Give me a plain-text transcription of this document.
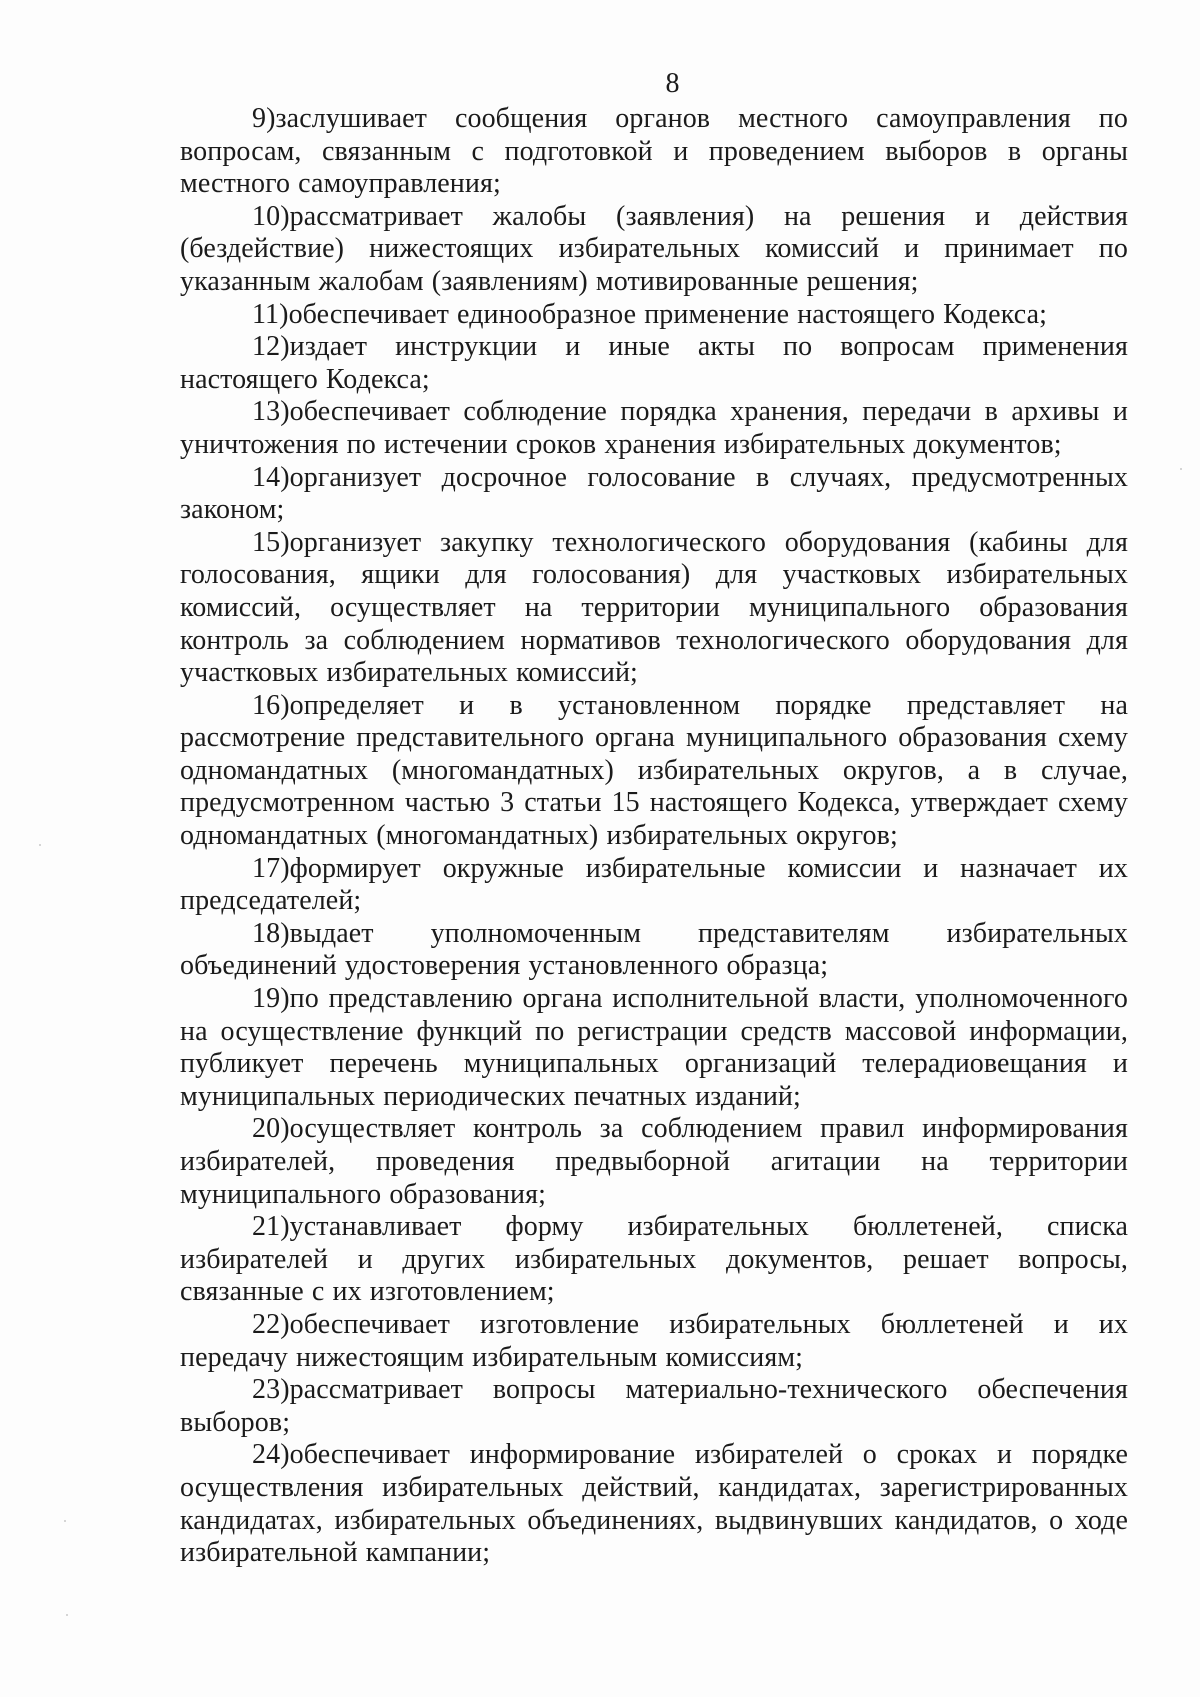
8

9)заслушивает сообщения органов местного самоуправления по вопросам, связанным с подготовкой и проведением выборов в органы местного самоуправления;

10)рассматривает жалобы (заявления) на решения и действия (бездействие) нижестоящих избирательных комиссий и принимает по указанным жалобам (заявлениям) мотивированные решения;

11)обеспечивает единообразное применение настоящего Кодекса;

12)издает инструкции и иные акты по вопросам применения настоящего Кодекса;

13)обеспечивает соблюдение порядка хранения, передачи в архивы и уничтожения по истечении сроков хранения избирательных документов;

14)организует досрочное голосование в случаях, предусмотренных законом;

15)организует закупку технологического оборудования (кабины для голосования, ящики для голосования) для участковых избирательных комиссий, осуществляет на территории муниципального образования контроль за соблюдением нормативов технологического оборудования для участковых избирательных комиссий;

16)определяет и в установленном порядке представляет на рассмотрение представительного органа муниципального образования схему одномандатных (многомандатных) избирательных округов, а в случае, предусмотренном частью 3 статьи 15 настоящего Кодекса, утверждает схему одномандатных (многомандатных) избирательных округов;

17)формирует окружные избирательные комиссии и назначает их председателей;

18)выдает уполномоченным представителям избирательных объединений удостоверения установленного образца;

19)по представлению органа исполнительной власти, уполномоченного на осуществление функций по регистрации средств массовой информации, публикует перечень муниципальных организаций телерадиовещания и муниципальных периодических печатных изданий;

20)осуществляет контроль за соблюдением правил информирования избирателей, проведения предвыборной агитации на территории муниципального образования;

21)устанавливает форму избирательных бюллетеней, списка избирателей и других избирательных документов, решает вопросы, связанные с их изготовлением;

22)обеспечивает изготовление избирательных бюллетеней и их передачу нижестоящим избирательным комиссиям;

23)рассматривает вопросы материально-технического обеспечения выборов;

24)обеспечивает информирование избирателей о сроках и порядке осуществления избирательных действий, кандидатах, зарегистрированных кандидатах, избирательных объединениях, выдвинувших кандидатов, о ходе избирательной кампании;
